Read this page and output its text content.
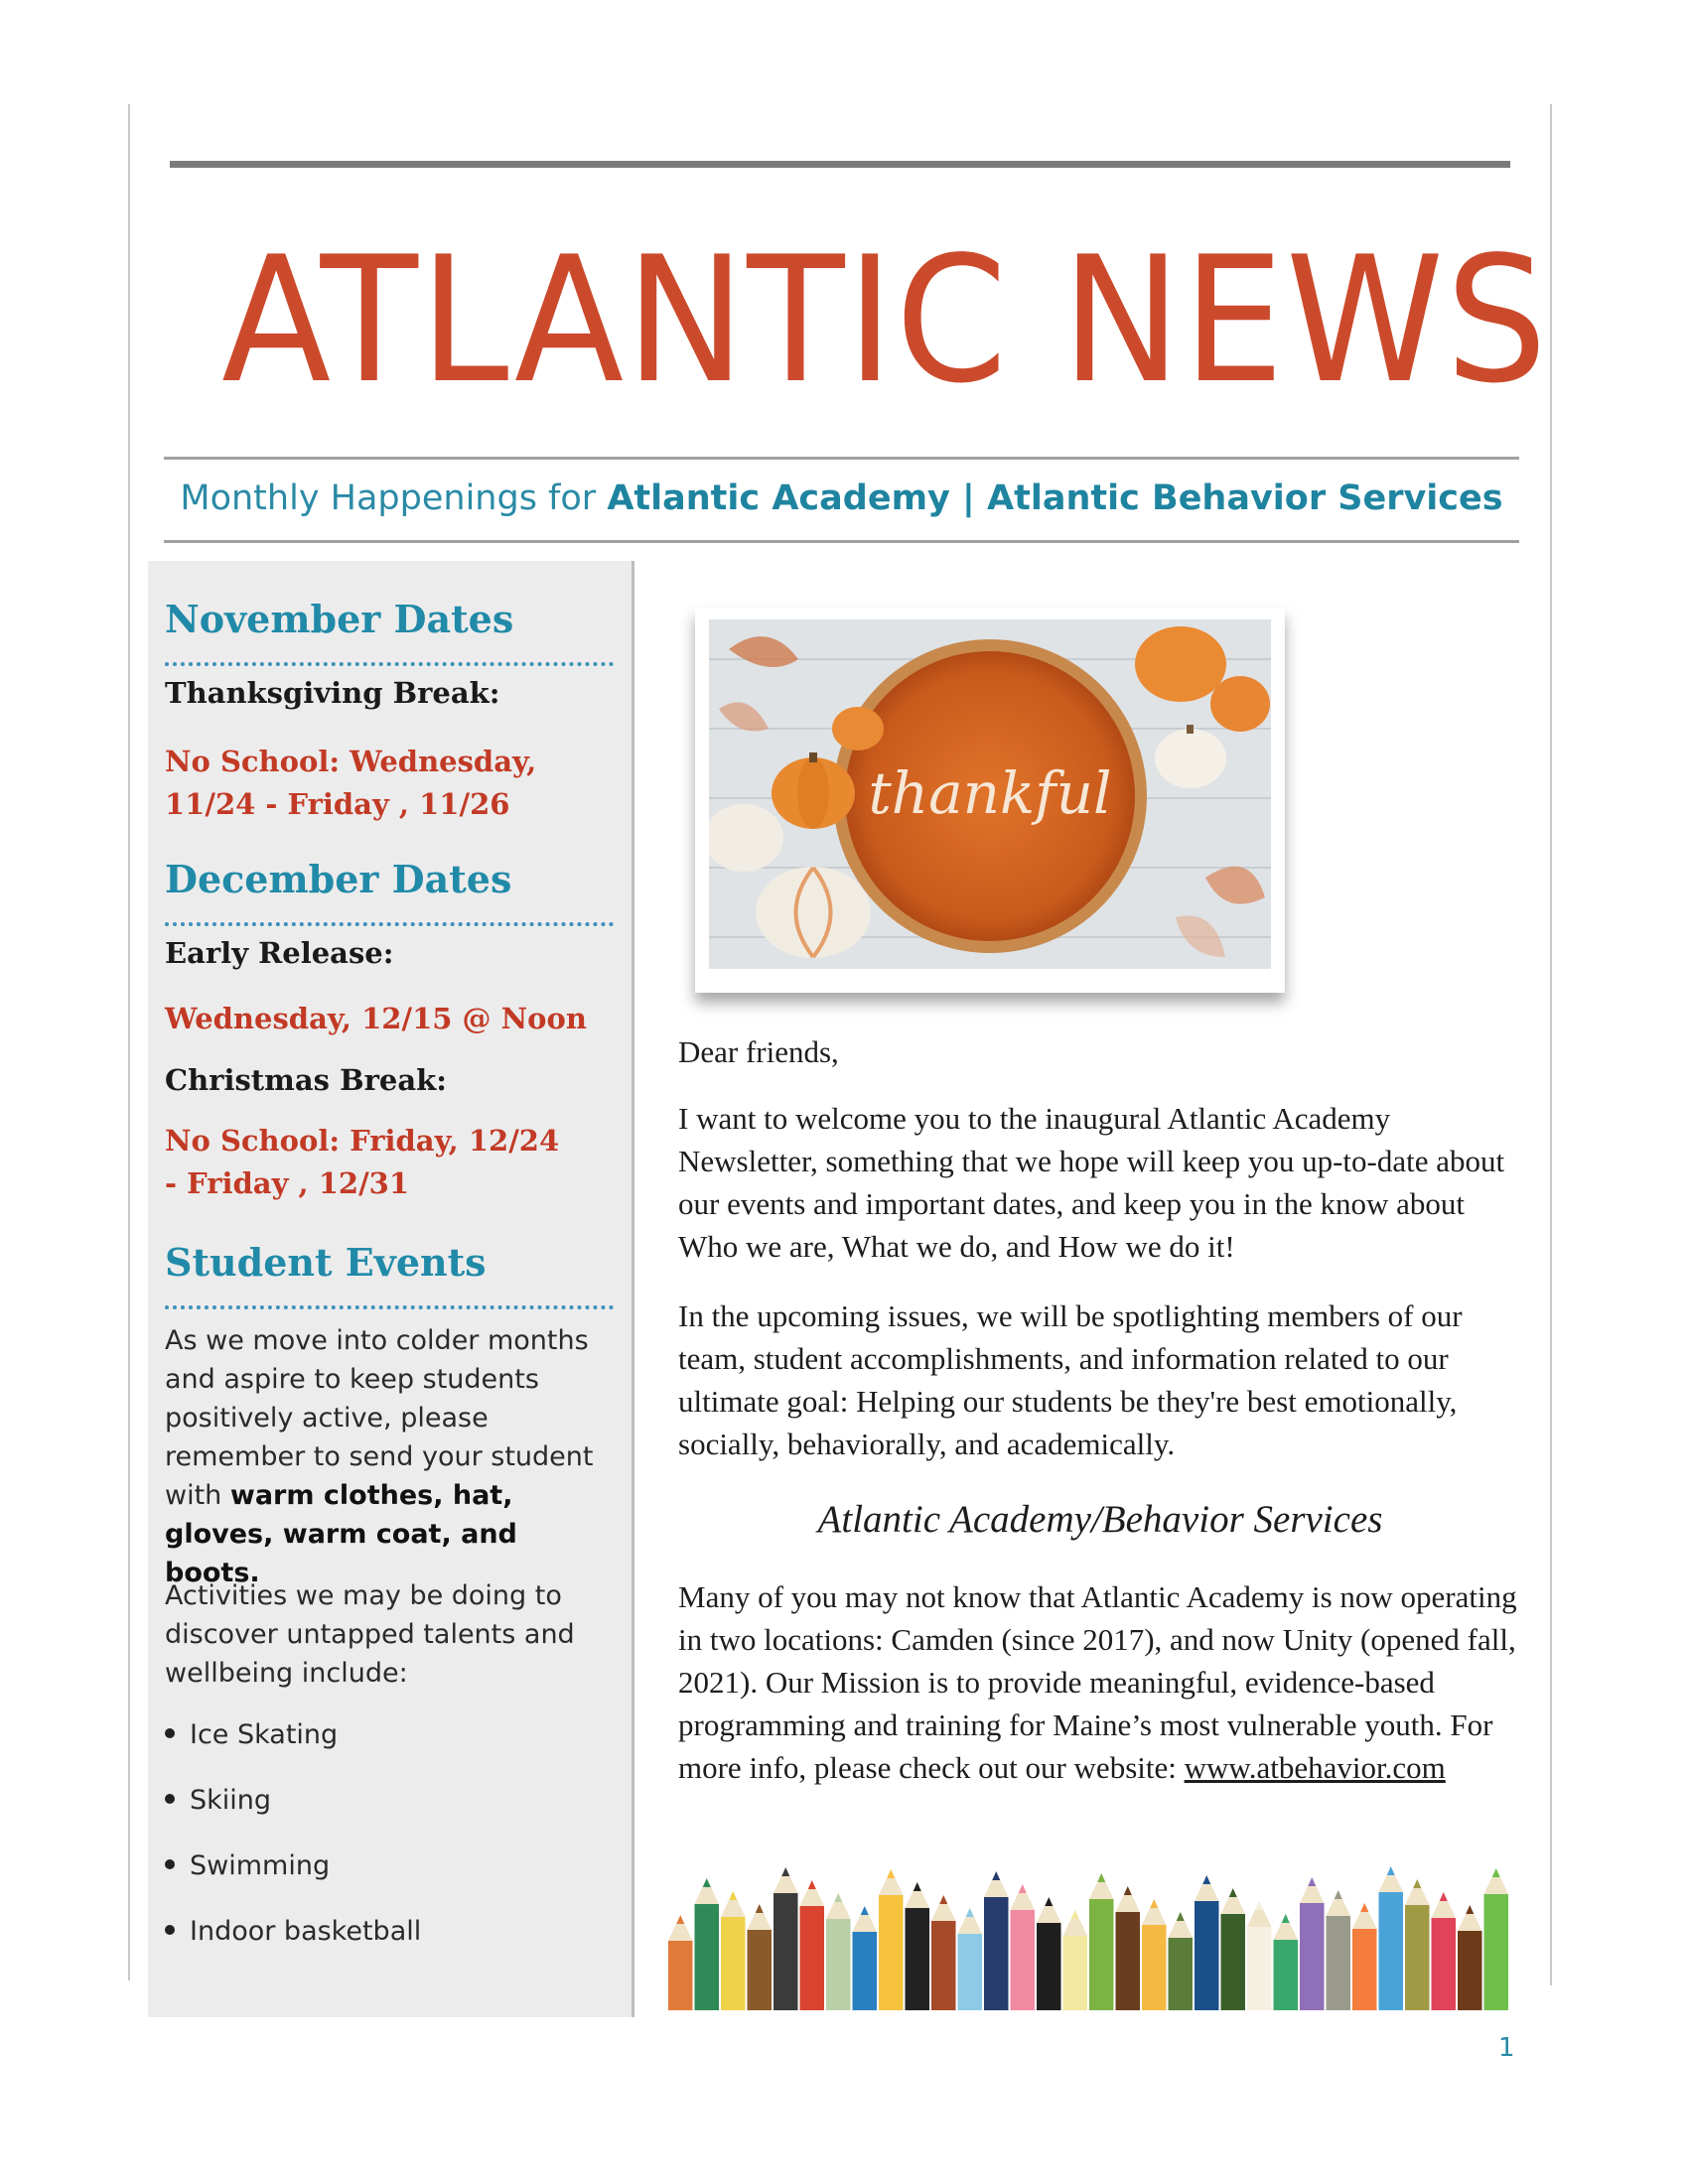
ATLANTIC NEWS
Monthly Happenings for Atlantic Academy | Atlantic Behavior Services
November Dates
Thanksgiving Break:
No School: Wednesday, 11/24 - Friday , 11/26
December Dates
Early Release:
Wednesday, 12/15 @ Noon
Christmas Break:
No School: Friday, 12/24 - Friday , 12/31
Student Events
As we move into colder months and aspire to keep students positively active, please remember to send your student with warm clothes, hat, gloves, warm coat, and boots.
Activities we may be doing to discover untapped talents and wellbeing include:
Ice Skating
Skiing
Swimming
Indoor basketball
thankful
Dear friends,
I want to welcome you to the inaugural Atlantic Academy Newsletter, something that we hope will keep you up-to-date about our events and important dates, and keep you in the know about Who we are, What we do, and How we do it!
In the upcoming issues, we will be spotlighting members of our team, student accomplishments, and information related to our ultimate goal: Helping our students be they're best emotionally, socially, behaviorally, and academically.
Atlantic Academy/Behavior Services
Many of you may not know that Atlantic Academy is now operating in two locations: Camden (since 2017), and now Unity (opened fall, 2021). Our Mission is to provide meaningful, evidence-based programming and training for Maine’s most vulnerable youth. For more info, please check out our website: www.atbehavior.com
1
